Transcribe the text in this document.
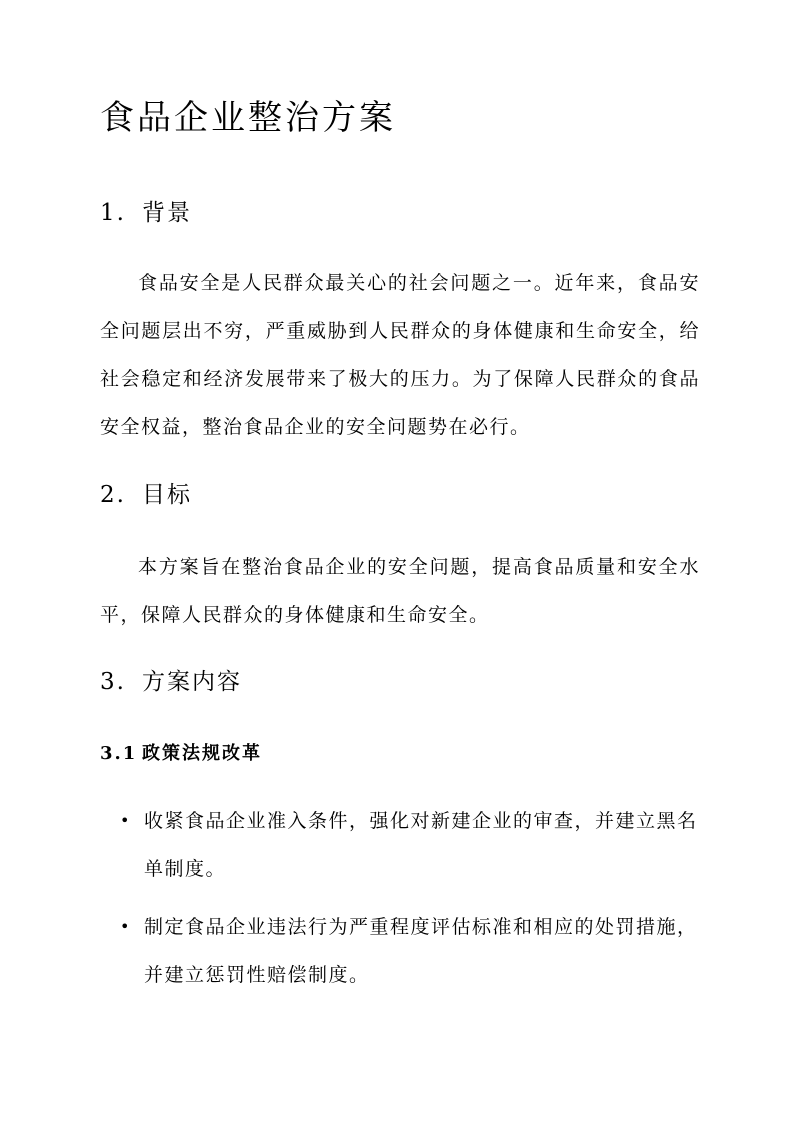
食品企业整治方案
1. 背景

食品安全是人民群众最关心的社会问题之一。近年来，食品安全问题层出不穷，严重威胁到人民群众的身体健康和生命安全，给社会稳定和经济发展带来了极大的压力。为了保障人民群众的食品安全权益，整治食品企业的安全问题势在必行。

2. 目标

本方案旨在整治食品企业的安全问题，提高食品质量和安全水平，保障人民群众的身体健康和生命安全。

3. 方案内容
3.1 政策法规改革
• 收紧食品企业准入条件，强化对新建企业的审查，并建立黑名单制度。
• 制定食品企业违法行为严重程度评估标准和相应的处罚措施，并建立惩罚性赔偿制度。
